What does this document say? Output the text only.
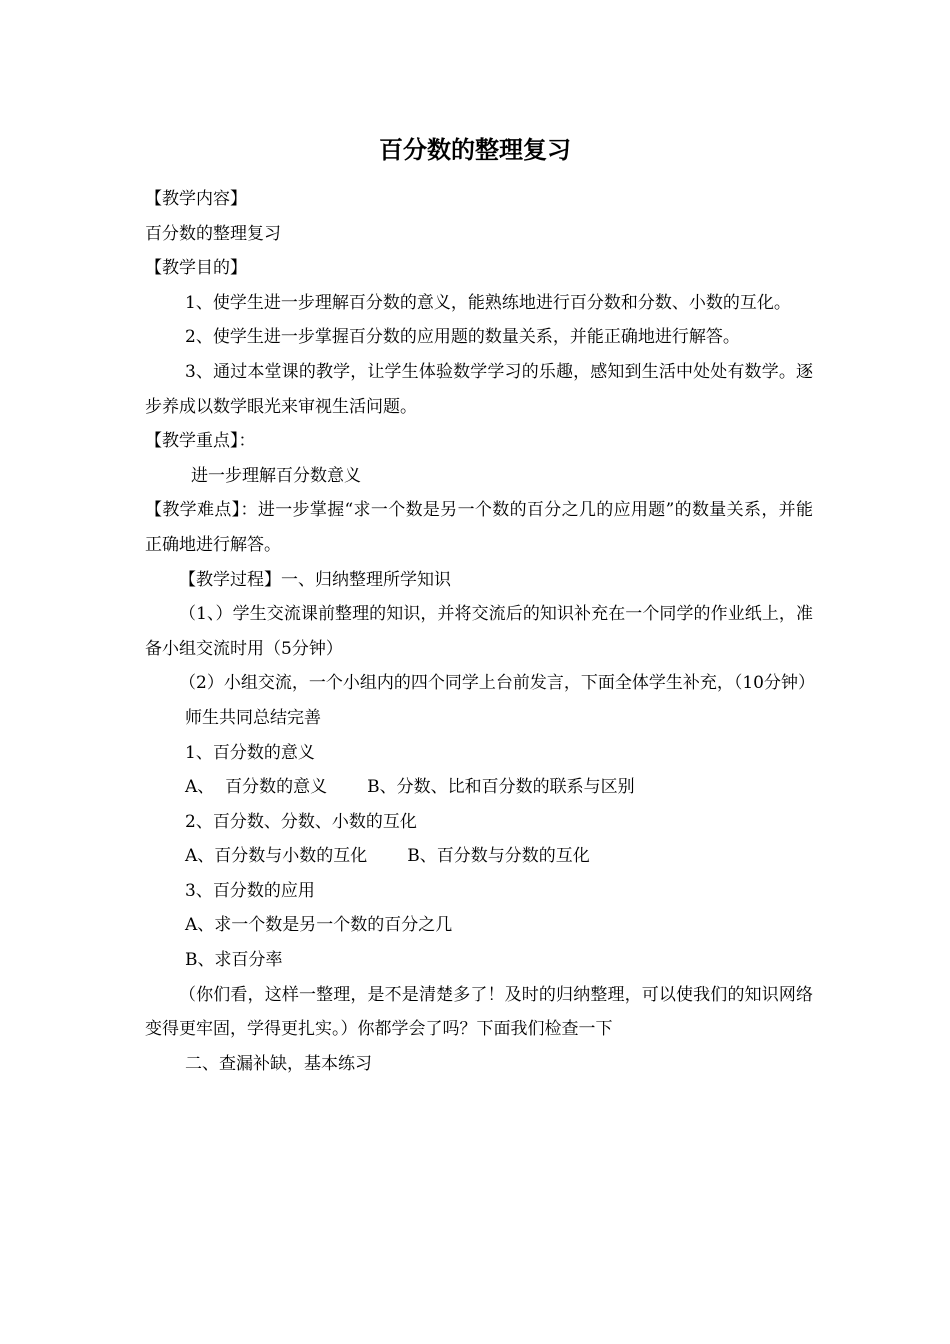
百分数的整理复习

【教学内容】

百分数的整理复习

【教学目的】

1、使学生进一步理解百分数的意义，能熟练地进行百分数和分数、小数的互化。

2、使学生进一步掌握百分数的应用题的数量关系，并能正确地进行解答。

3、通过本堂课的教学，让学生体验数学学习的乐趣，感知到生活中处处有数学。逐步养成以数学眼光来审视生活问题。

【教学重点】：

进一步理解百分数意义

【教学难点】：进一步掌握“求一个数是另一个数的百分之几的应用题”的数量关系，并能正确地进行解答。

【教学过程】一、归纳整理所学知识

（1、）学生交流课前整理的知识，并将交流后的知识补充在一个同学的作业纸上，准备小组交流时用（5分钟）

（2）小组交流，一个小组内的四个同学上台前发言，下面全体学生补充，（10分钟）

师生共同总结完善

1、百分数的意义

A、  百分数的意义 B、分数、比和百分数的联系与区别

2、百分数、分数、小数的互化

A、百分数与小数的互化 B、百分数与分数的互化

3、百分数的应用

A、求一个数是另一个数的百分之几

B、求百分率

（你们看，这样一整理，是不是清楚多了！及时的归纳整理，可以使我们的知识网络变得更牢固，学得更扎实。）你都学会了吗？下面我们检查一下

二、查漏补缺，基本练习
